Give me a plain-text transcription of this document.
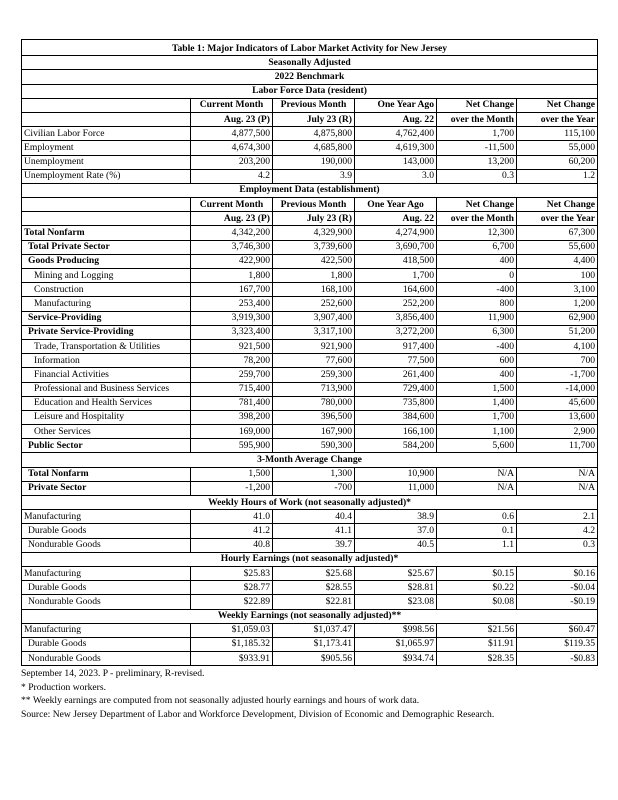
Table 1: Major Indicators of Labor Market Activity for New Jersey					
Seasonally Adjusted					
2022 Benchmark					
Labor Force Data (resident)					
	Current Month	Previous Month	One Year Ago	Net Change	Net Change
	Aug. 23 (P)	July 23 (R)	Aug. 22	over the Month	over the Year
Civilian Labor Force	4,877,500	4,875,800	4,762,400	1,700	115,100
Employment	4,674,300	4,685,800	4,619,300	-11,500	55,000
Unemployment	203,200	190,000	143,000	13,200	60,200
Unemployment Rate (%)	4.2	3.9	3.0	0.3	1.2
Employment Data (establishment)					
	Current Month	Previous Month	One Year Ago	Net Change	Net Change
	Aug. 23 (P)	July 23 (R)	Aug. 22	over the Month	over the Year
Total Nonfarm	4,342,200	4,329,900	4,274,900	12,300	67,300
Total Private Sector	3,746,300	3,739,600	3,690,700	6,700	55,600
Goods Producing	422,900	422,500	418,500	400	4,400
Mining and Logging	1,800	1,800	1,700	0	100
Construction	167,700	168,100	164,600	-400	3,100
Manufacturing	253,400	252,600	252,200	800	1,200
Service-Providing	3,919,300	3,907,400	3,856,400	11,900	62,900
Private Service-Providing	3,323,400	3,317,100	3,272,200	6,300	51,200
Trade, Transportation & Utilities	921,500	921,900	917,400	-400	4,100
Information	78,200	77,600	77,500	600	700
Financial Activities	259,700	259,300	261,400	400	-1,700
Professional and Business Services	715,400	713,900	729,400	1,500	-14,000
Education and Health Services	781,400	780,000	735,800	1,400	45,600
Leisure and Hospitality	398,200	396,500	384,600	1,700	13,600
Other Services	169,000	167,900	166,100	1,100	2,900
Public Sector	595,900	590,300	584,200	5,600	11,700
3-Month Average Change					
Total Nonfarm	1,500	1,300	10,900	N/A	N/A
Private Sector	-1,200	-700	11,000	N/A	N/A
Weekly Hours of Work (not seasonally adjusted)*					
Manufacturing	41.0	40.4	38.9	0.6	2.1
Durable Goods	41.2	41.1	37.0	0.1	4.2
Nondurable Goods	40.8	39.7	40.5	1.1	0.3
Hourly Earnings (not seasonally adjusted)*					
Manufacturing	$25.83	$25.68	$25.67	$0.15	$0.16
Durable Goods	$28.77	$28.55	$28.81	$0.22	-$0.04
Nondurable Goods	$22.89	$22.81	$23.08	$0.08	-$0.19
Weekly Earnings (not seasonally adjusted)**					
Manufacturing	$1,059.03	$1,037.47	$998.56	$21.56	$60.47
Durable Goods	$1,185.32	$1,173.41	$1,065.97	$11.91	$119.35
Nondurable Goods	$933.91	$905.56	$934.74	$28.35	-$0.83
September 14, 2023. P - preliminary, R-revised.
* Production workers.
** Weekly earnings are computed from not seasonally adjusted hourly earnings and hours of work data.
Source: New Jersey Department of Labor and Workforce Development, Division of Economic and Demographic Research.
